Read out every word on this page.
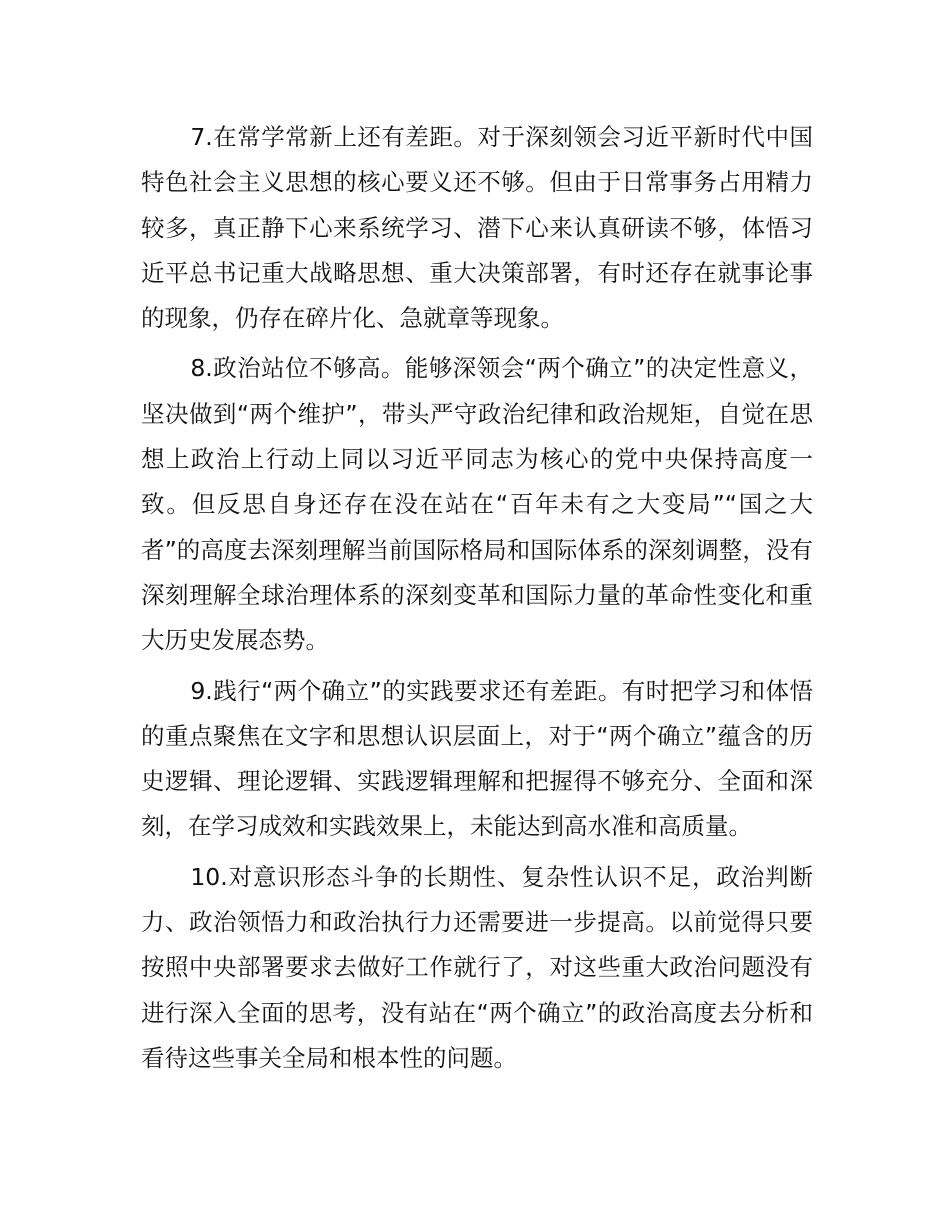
7.在常学常新上还有差距。对于深刻领会习近平新时代中国特色社会主义思想的核心要义还不够。但由于日常事务占用精力较多，真正静下心来系统学习、潜下心来认真研读不够，体悟习近平总书记重大战略思想、重大决策部署，有时还存在就事论事的现象，仍存在碎片化、急就章等现象。

8.政治站位不够高。能够深领会“两个确立”的决定性意义，坚决做到“两个维护”，带头严守政治纪律和政治规矩，自觉在思想上政治上行动上同以习近平同志为核心的党中央保持高度一致。但反思自身还存在没在站在“百年未有之大变局”“国之大者”的高度去深刻理解当前国际格局和国际体系的深刻调整，没有深刻理解全球治理体系的深刻变革和国际力量的革命性变化和重大历史发展态势。

9.践行“两个确立”的实践要求还有差距。有时把学习和体悟的重点聚焦在文字和思想认识层面上，对于“两个确立”蕴含的历史逻辑、理论逻辑、实践逻辑理解和把握得不够充分、全面和深刻，在学习成效和实践效果上，未能达到高水准和高质量。

10.对意识形态斗争的长期性、复杂性认识不足，政治判断力、政治领悟力和政治执行力还需要进一步提高。以前觉得只要按照中央部署要求去做好工作就行了，对这些重大政治问题没有进行深入全面的思考，没有站在“两个确立”的政治高度去分析和看待这些事关全局和根本性的问题。
